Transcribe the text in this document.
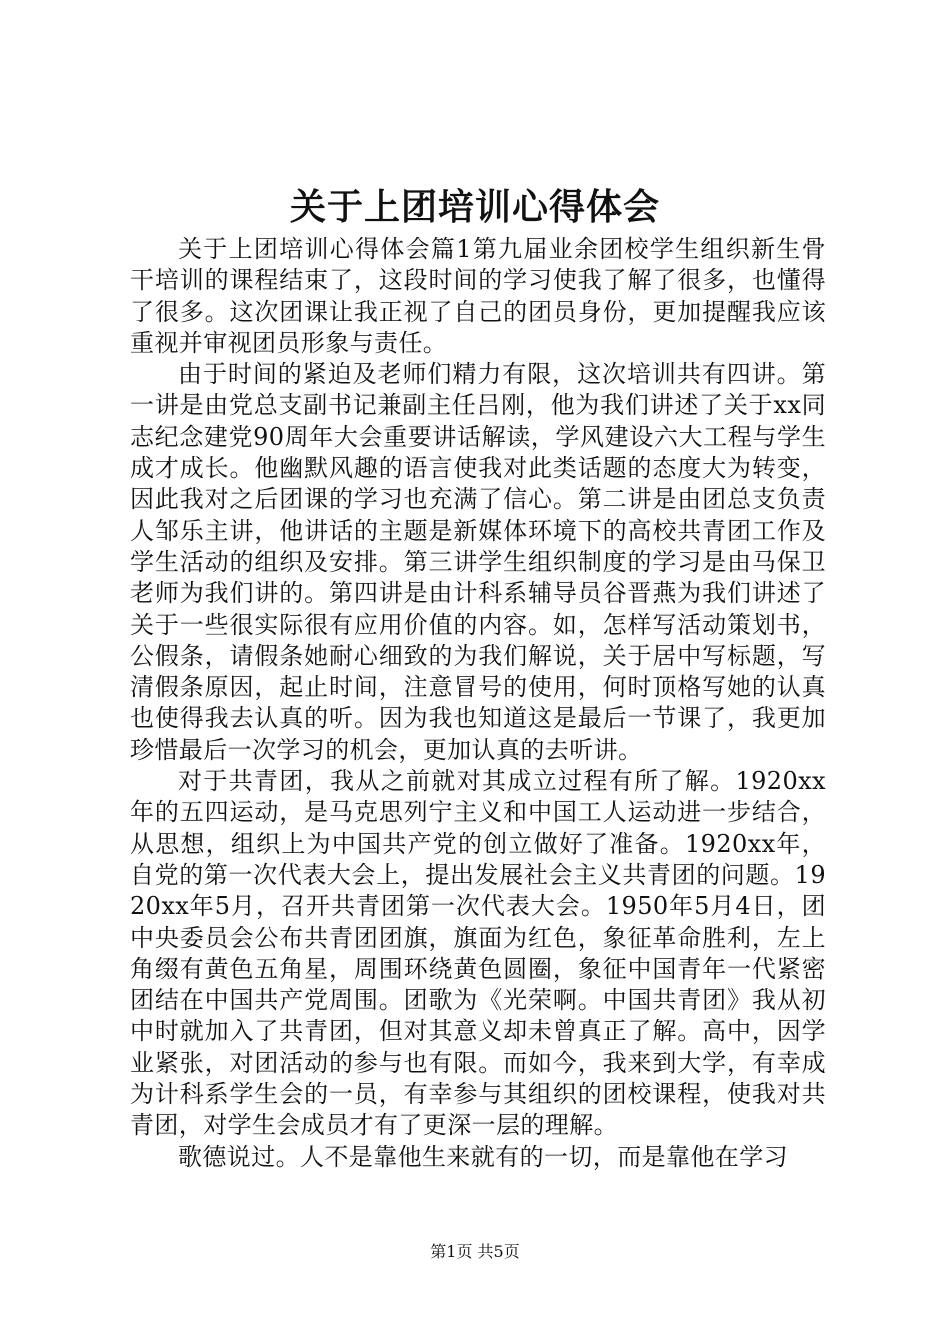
关于上团培训心得体会

关于上团培训心得体会篇1第九届业余团校学生组织新生骨干培训的课程结束了，这段时间的学习使我了解了很多，也懂得了很多。这次团课让我正视了自己的团员身份，更加提醒我应该重视并审视团员形象与责任。

由于时间的紧迫及老师们精力有限，这次培训共有四讲。第一讲是由党总支副书记兼副主任吕刚，他为我们讲述了关于xx同志纪念建党90周年大会重要讲话解读，学风建设六大工程与学生成才成长。他幽默风趣的语言使我对此类话题的态度大为转变，因此我对之后团课的学习也充满了信心。第二讲是由团总支负责人邹乐主讲，他讲话的主题是新媒体环境下的高校共青团工作及学生活动的组织及安排。第三讲学生组织制度的学习是由马保卫老师为我们讲的。第四讲是由计科系辅导员谷晋燕为我们讲述了关于一些很实际很有应用价值的内容。如，怎样写活动策划书，公假条，请假条她耐心细致的为我们解说，关于居中写标题，写清假条原因，起止时间，注意冒号的使用，何时顶格写她的认真也使得我去认真的听。因为我也知道这是最后一节课了，我更加珍惜最后一次学习的机会，更加认真的去听讲。

对于共青团，我从之前就对其成立过程有所了解。1920xx年的五四运动，是马克思列宁主义和中国工人运动进一步结合，从思想，组织上为中国共产党的创立做好了准备。1920xx年，自党的第一次代表大会上，提出发展社会主义共青团的问题。1920xx年5月，召开共青团第一次代表大会。1950年5月4日，团中央委员会公布共青团团旗，旗面为红色，象征革命胜利，左上角缀有黄色五角星，周围环绕黄色圆圈，象征中国青年一代紧密团结在中国共产党周围。团歌为《光荣啊。中国共青团》我从初中时就加入了共青团，但对其意义却未曾真正了解。高中，因学业紧张，对团活动的参与也有限。而如今，我来到大学，有幸成为计科系学生会的一员，有幸参与其组织的团校课程，使我对共青团，对学生会成员才有了更深一层的理解。

歌德说过。人不是靠他生来就有的一切，而是靠他在学习

第1页 共5页
